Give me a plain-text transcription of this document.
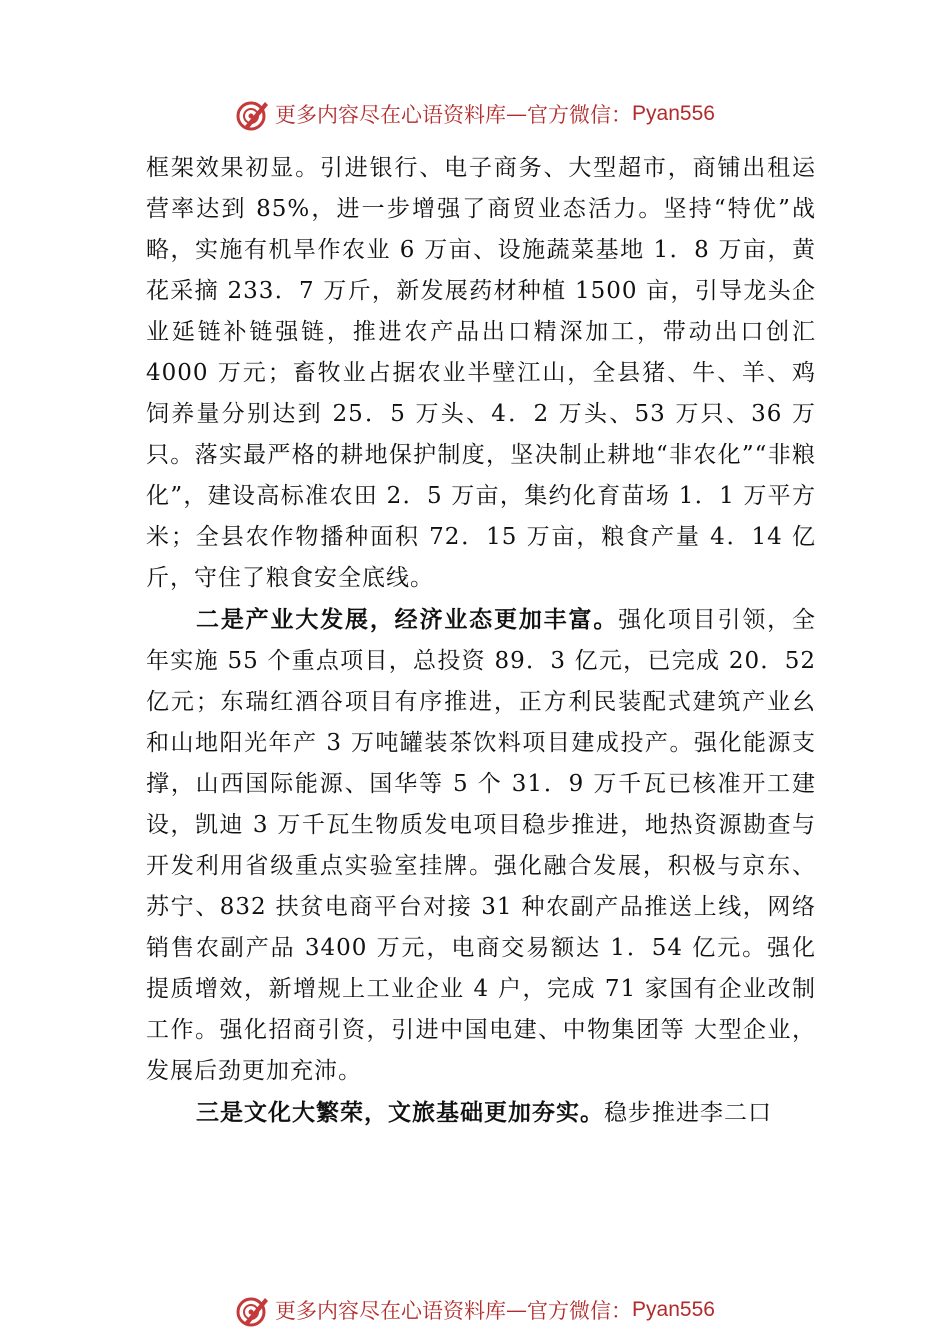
更多内容尽在心语资料库 — 官方微信： Pyan556

框架效果初显。引进银行、电子商务、大型超市，商铺出租运营率达到 85%，进一步增强了商贸业态活力。坚持“特优”战略，实施有机旱作农业 6 万亩、设施蔬菜基地 1．8 万亩，黄花采摘 233．7 万斤，新发展药材种植 1500 亩，引导龙头企业延链补链强链，推进农产品出口精深加工，带动出口创汇 4000 万元；畜牧业占据农业半壁江山，全县猪、牛、羊、鸡饲养量分别达到 25．5 万头、4．2 万头、53 万只、36 万只。落实最严格的耕地保护制度，坚决制止耕地“非农化”“非粮化”，建设高标准农田 2．5 万亩，集约化育苗场 1．1 万平方米；全县农作物播种面积 72．15 万亩，粮食产量 4．14 亿斤，守住了粮食安全底线。

二是产业大发展，经济业态更加丰富。强化项目引领，全年实施 55 个重点项目，总投资 89．3 亿元，已完成 20．52 亿元；东瑞红酒谷项目有序推进，正方利民装配式建筑产业幺和山地阳光年产 3 万吨罐装茶饮料项目建成投产。强化能源支撑，山西国际能源、国华等 5 个 31．9 万千瓦已核准开工建设，凯迪 3 万千瓦生物质发电项目稳步推进，地热资源勘查与开发利用省级重点实验室挂牌。强化融合发展，积极与京东、苏宁、832 扶贫电商平台对接 31 种农副产品推送上线，网络销售农副产品 3400 万元，电商交易额达 1．54 亿元。强化提质增效，新增规上工业企业 4 户，完成 71 家国有企业改制工作。强化招商引资，引进中国电建、中物集团等 大型企业，发展后劲更加充沛。

三是文化大繁荣，文旅基础更加夯实。稳步推进李二口

更多内容尽在心语资料库 — 官方微信： Pyan556
